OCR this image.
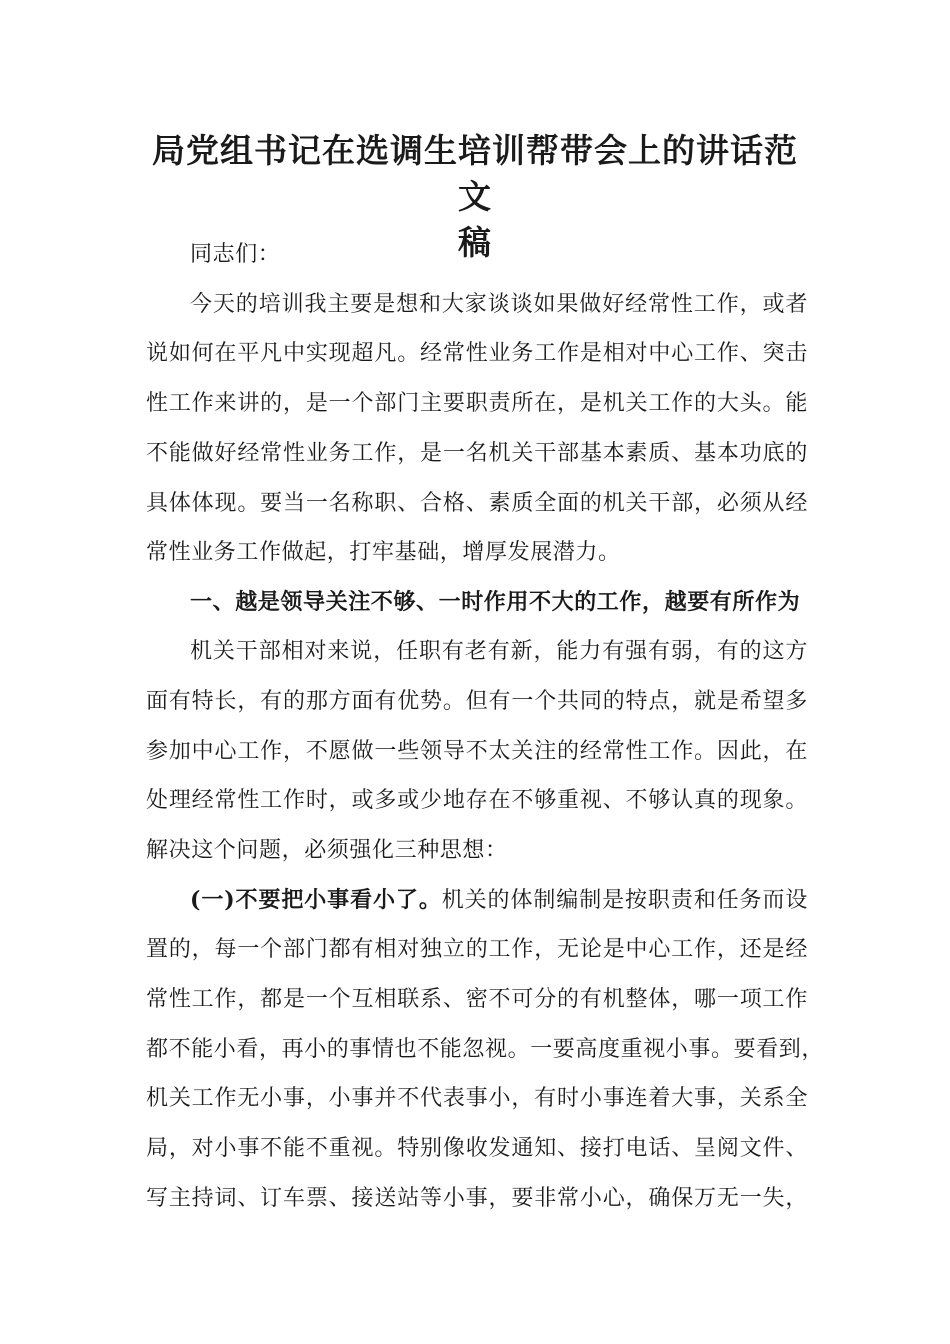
局党组书记在选调生培训帮带会上的讲话范文
稿
同志们：
今天的培训我主要是想和大家谈谈如果做好经常性工作，或者
说如何在平凡中实现超凡。经常性业务工作是相对中心工作、突击
性工作来讲的，是一个部门主要职责所在，是机关工作的大头。能
不能做好经常性业务工作，是一名机关干部基本素质、基本功底的
具体体现。要当一名称职、合格、素质全面的机关干部，必须从经
常性业务工作做起，打牢基础，增厚发展潜力。
一、越是领导关注不够、一时作用不大的工作，越要有所作为
机关干部相对来说，任职有老有新，能力有强有弱，有的这方
面有特长，有的那方面有优势。但有一个共同的特点，就是希望多
参加中心工作，不愿做一些领导不太关注的经常性工作。因此，在
处理经常性工作时，或多或少地存在不够重视、不够认真的现象。
解决这个问题，必须强化三种思想：
(一)不要把小事看小了。机关的体制编制是按职责和任务而设
置的，每一个部门都有相对独立的工作，无论是中心工作，还是经
常性工作，都是一个互相联系、密不可分的有机整体，哪一项工作
都不能小看，再小的事情也不能忽视。一要高度重视小事。要看到，
机关工作无小事，小事并不代表事小，有时小事连着大事，关系全
局，对小事不能不重视。特别像收发通知、接打电话、呈阅文件、
写主持词、订车票、接送站等小事，要非常小心，确保万无一失，
